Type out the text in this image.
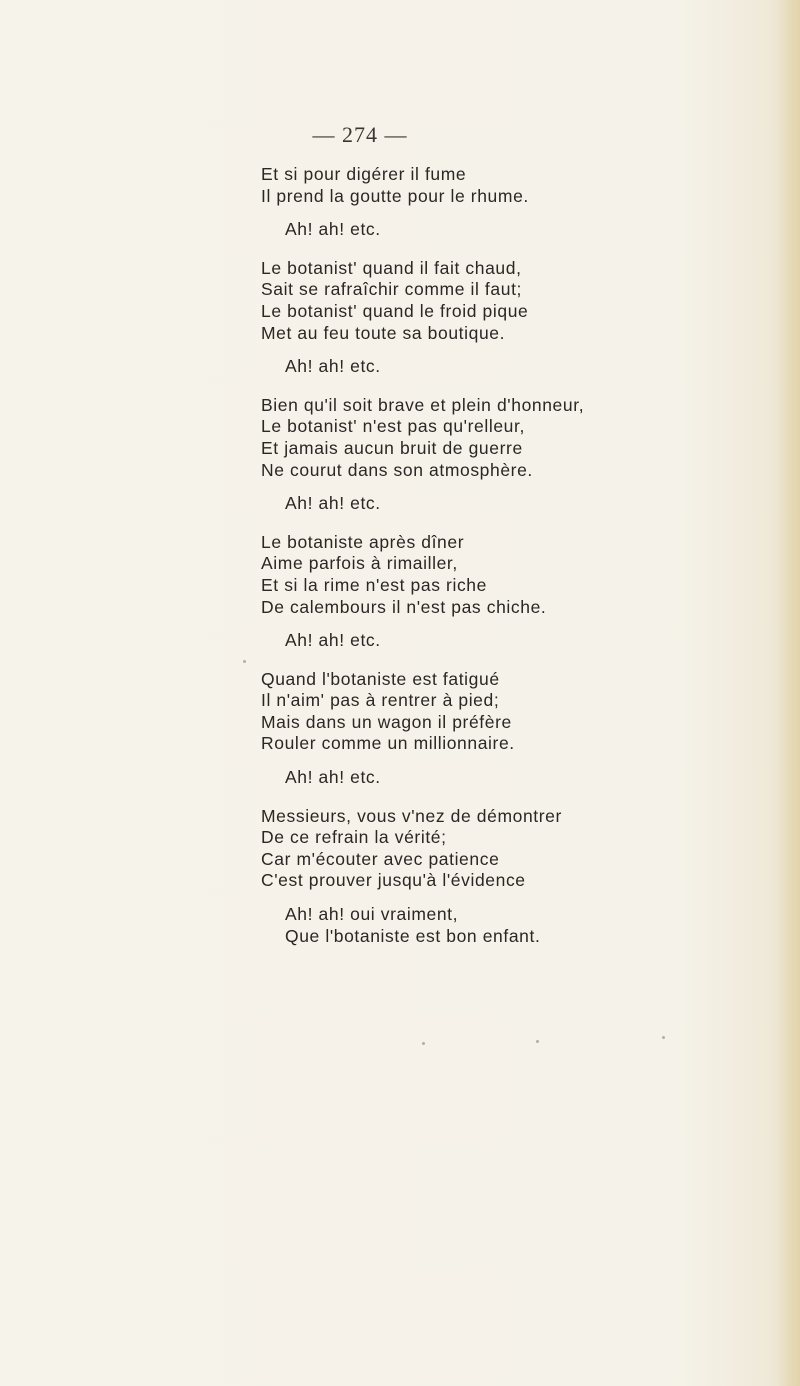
— 274 —
Et si pour digérer il fume
Il prend la goutte pour le rhume.
Ah! ah! etc.
Le botanist' quand il fait chaud,
Sait se rafraîchir comme il faut;
Le botanist' quand le froid pique
Met au feu toute sa boutique.
Ah! ah! etc.
Bien qu'il soit brave et plein d'honneur,
Le botanist' n'est pas qu'relleur,
Et jamais aucun bruit de guerre
Ne courut dans son atmosphère.
Ah! ah! etc.
Le botaniste après dîner
Aime parfois à rimailler,
Et si la rime n'est pas riche
De calembours il n'est pas chiche.
Ah! ah! etc.
Quand l'botaniste est fatigué
Il n'aim' pas à rentrer à pied;
Mais dans un wagon il préfère
Rouler comme un millionnaire.
Ah! ah! etc.
Messieurs, vous v'nez de démontrer
De ce refrain la vérité;
Car m'écouter avec patience
C'est prouver jusqu'à l'évidence
Ah! ah! oui vraiment,
Que l'botaniste est bon enfant.
